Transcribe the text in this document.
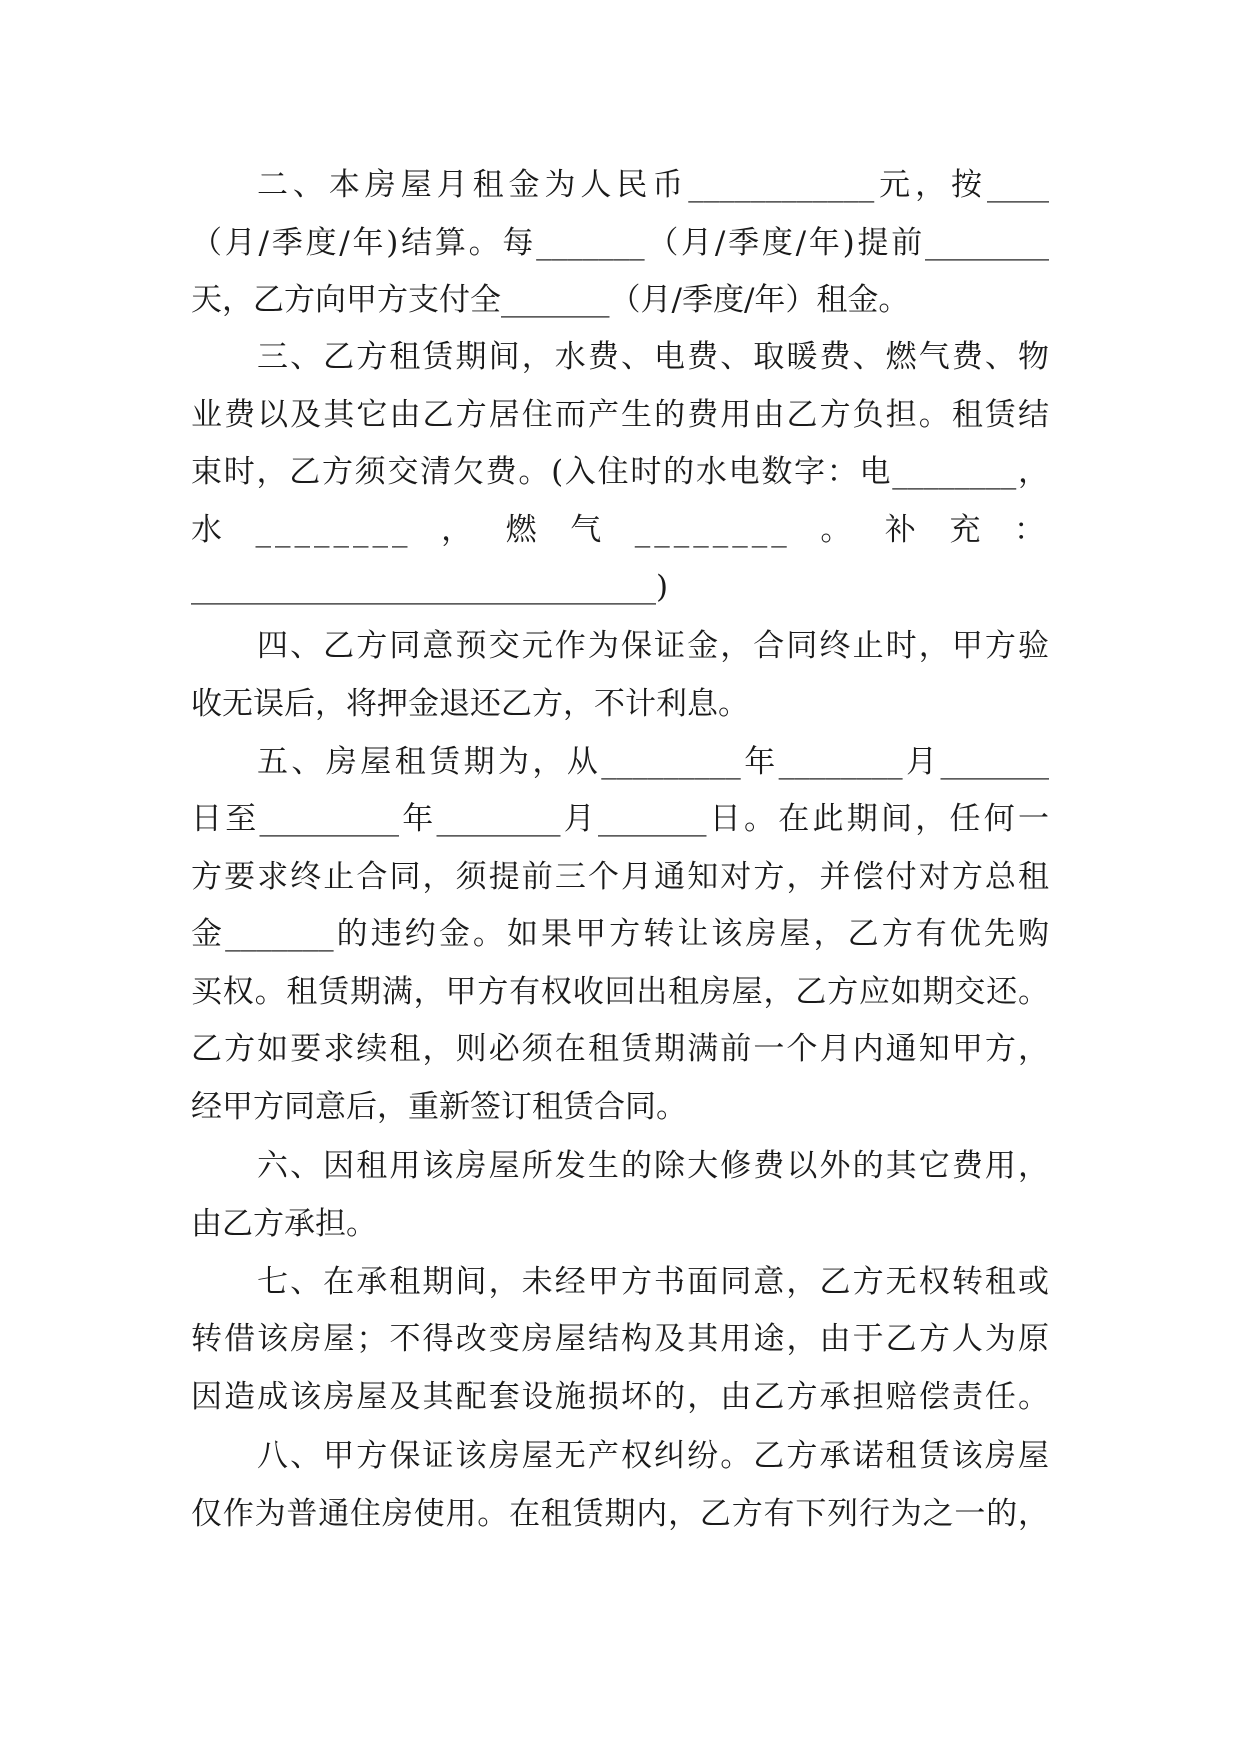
二、本房屋月租金为人民币____________元，按____
（月/季度/年)结算。每_______（月/季度/年)提前________
天，乙方向甲方支付全_______（月/季度/年）租金。
三、乙方租赁期间，水费、电费、取暖费、燃气费、物
业费以及其它由乙方居住而产生的费用由乙方负担。租赁结
束时，乙方须交清欠费。(入住时的水电数字：电________，
水________，燃气________。补充：
______________________________)
四、乙方同意预交元作为保证金，合同终止时，甲方验
收无误后，将押金退还乙方，不计利息。
五、房屋租赁期为，从_________年________月_______
日至_________年________月_______日。在此期间，任何一
方要求终止合同，须提前三个月通知对方，并偿付对方总租
金_______的违约金。如果甲方转让该房屋，乙方有优先购
买权。租赁期满，甲方有权收回出租房屋，乙方应如期交还。
乙方如要求续租，则必须在租赁期满前一个月内通知甲方，
经甲方同意后，重新签订租赁合同。
六、因租用该房屋所发生的除大修费以外的其它费用，
由乙方承担。
七、在承租期间，未经甲方书面同意，乙方无权转租或
转借该房屋；不得改变房屋结构及其用途，由于乙方人为原
因造成该房屋及其配套设施损坏的，由乙方承担赔偿责任。
八、甲方保证该房屋无产权纠纷。乙方承诺租赁该房屋
仅作为普通住房使用。在租赁期内，乙方有下列行为之一的，
